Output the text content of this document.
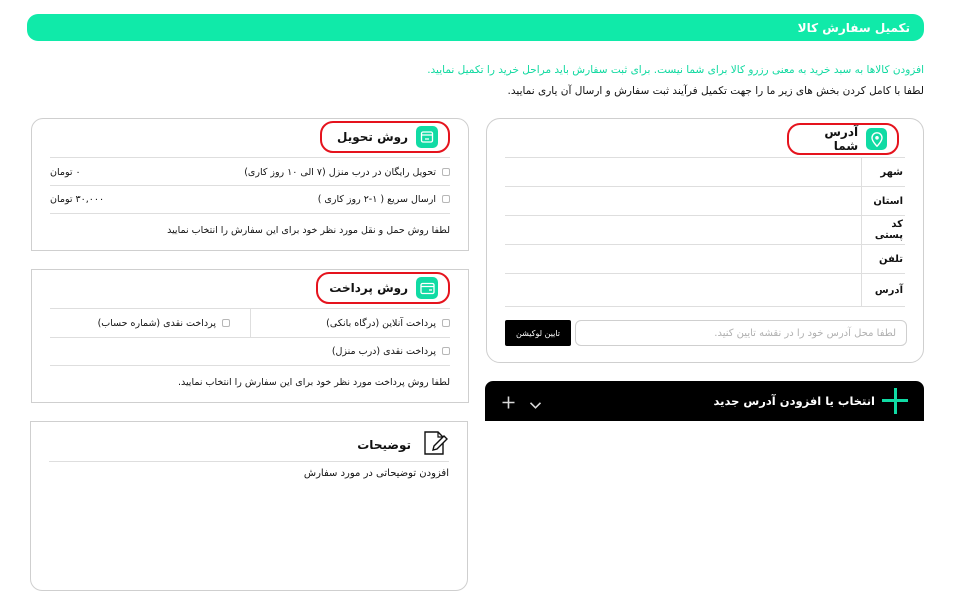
تکمیل سفارش کالا
افزودن کالاها به سبد خرید به معنی رزرو کالا برای شما نیست. برای ثبت سفارش باید مراحل خرید را تکمیل نمایید.
لطفا با کامل کردن بخش های زیر ما را جهت تکمیل فرآیند ثبت سفارش و ارسال آن یاری نمایید.
آدرس شما
شهر
استان
کد پستی
تلفن
آدرس
لطفا محل آدرس خود را در نقشه تایین کنید.
تایین لوکیشن
انتخاب یا افزودن آدرس جدید
روش تحویل
تحویل رایگان در درب منزل (۷ الی ۱۰ روز کاری)
۰ تومان
ارسال سریع ( ۱-۲ روز کاری )
۳۰,۰۰۰ تومان
لطفا روش حمل و نقل مورد نظر خود برای این سفارش را انتخاب نمایید
روش پرداخت
پرداخت آنلاین (درگاه بانکی)
پرداخت نقدی (شماره حساب)
پرداخت نقدی (درب منزل)
لطفا روش پرداخت مورد نظر خود برای این سفارش را انتخاب نمایید.
توضیحات
افزودن توضیحاتی در مورد سفارش
